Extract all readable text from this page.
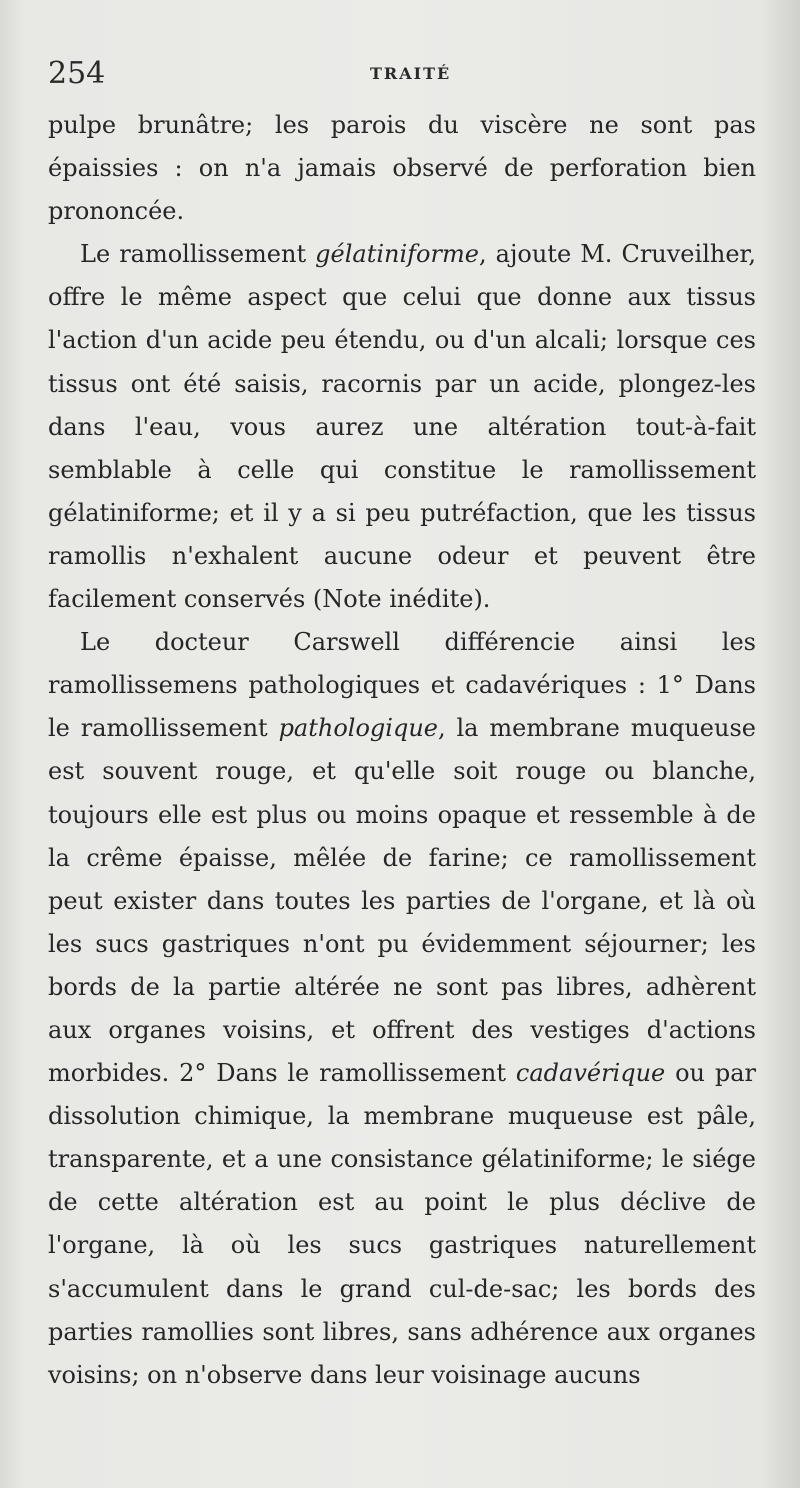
254	TRAITÉ

pulpe brunâtre; les parois du viscère ne sont pas épaissies : on n'a jamais observé de perforation bien prononcée.

Le ramollissement gélatiniforme, ajoute M. Cruveilher, offre le même aspect que celui que donne aux tissus l'action d'un acide peu étendu, ou d'un alcali; lorsque ces tissus ont été saisis, racornis par un acide, plongez-les dans l'eau, vous aurez une altération tout-à-fait semblable à celle qui constitue le ramollissement gélatiniforme; et il y a si peu putréfaction, que les tissus ramollis n'exhalent aucune odeur et peuvent être facilement conservés (Note inédite).

Le docteur Carswell différencie ainsi les ramollissemens pathologiques et cadavériques : 1° Dans le ramollissement pathologique, la membrane muqueuse est souvent rouge, et qu'elle soit rouge ou blanche, toujours elle est plus ou moins opaque et ressemble à de la crême épaisse, mêlée de farine; ce ramollissement peut exister dans toutes les parties de l'organe, et là où les sucs gastriques n'ont pu évidemment séjourner; les bords de la partie altérée ne sont pas libres, adhèrent aux organes voisins, et offrent des vestiges d'actions morbides. 2° Dans le ramollissement cadavérique ou par dissolution chimique, la membrane muqueuse est pâle, transparente, et a une consistance gélatiniforme; le siége de cette altération est au point le plus déclive de l'organe, là où les sucs gastriques naturellement s'accumulent dans le grand cul-de-sac; les bords des parties ramollies sont libres, sans adhérence aux organes voisins; on n'observe dans leur voisinage aucuns
